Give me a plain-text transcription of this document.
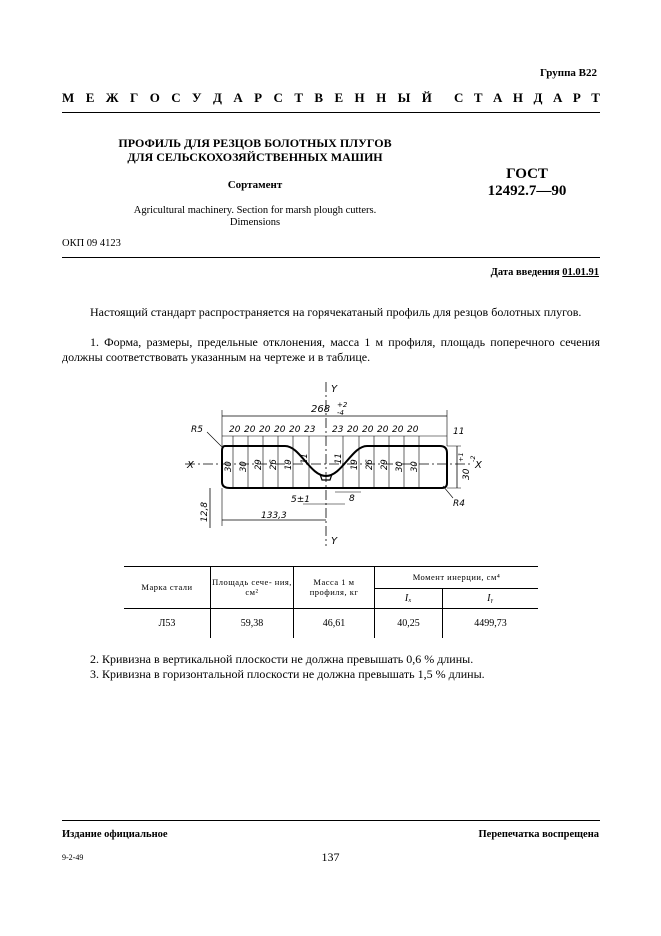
Группа В22
М Е Ж Г О С У Д А Р С Т В Е Н Н Ы Й С Т А Н Д А Р Т
ПРОФИЛЬ ДЛЯ РЕЗЦОВ БОЛОТНЫХ ПЛУГОВ
ДЛЯ СЕЛЬСКОХОЗЯЙСТВЕННЫХ МАШИН
Сортамент
Agricultural machinery. Section for marsh plough cutters.
Dimensions
ГОСТ
12492.7—90
ОКП 09 4123
Дата введения 01.01.91
Настоящий стандарт распространяется на горячекатаный профиль для резцов болотных плугов.
1. Форма, размеры, предельные отклонения, масса 1 м профиля, площадь поперечного сечения должны соответствовать указанным на чертеже и в таблице.
Y
Y
X	X
268 +2
-4
20 20 20 20 20 23 23 20 20 20 20 20	11
30 30 29 26 19
11	11
19 26 29 30 30
R5
R4
5±1	8
133,3
12,8
30
+1 -2
Марка стали	Площадь сече- ния, см²	Масса 1 м профиля, кг	Момент инерции, см⁴	
			Iₓ	Iᵧ
Л53	59,38	46,61	40,25	4499,73
2. Кривизна в вертикальной плоскости не должна превышать 0,6 % длины.
3. Кривизна в горизонтальной плоскости не должна превышать 1,5 % длины.
Издание официальное	Перепечатка воспрещена
9-2-49	137
